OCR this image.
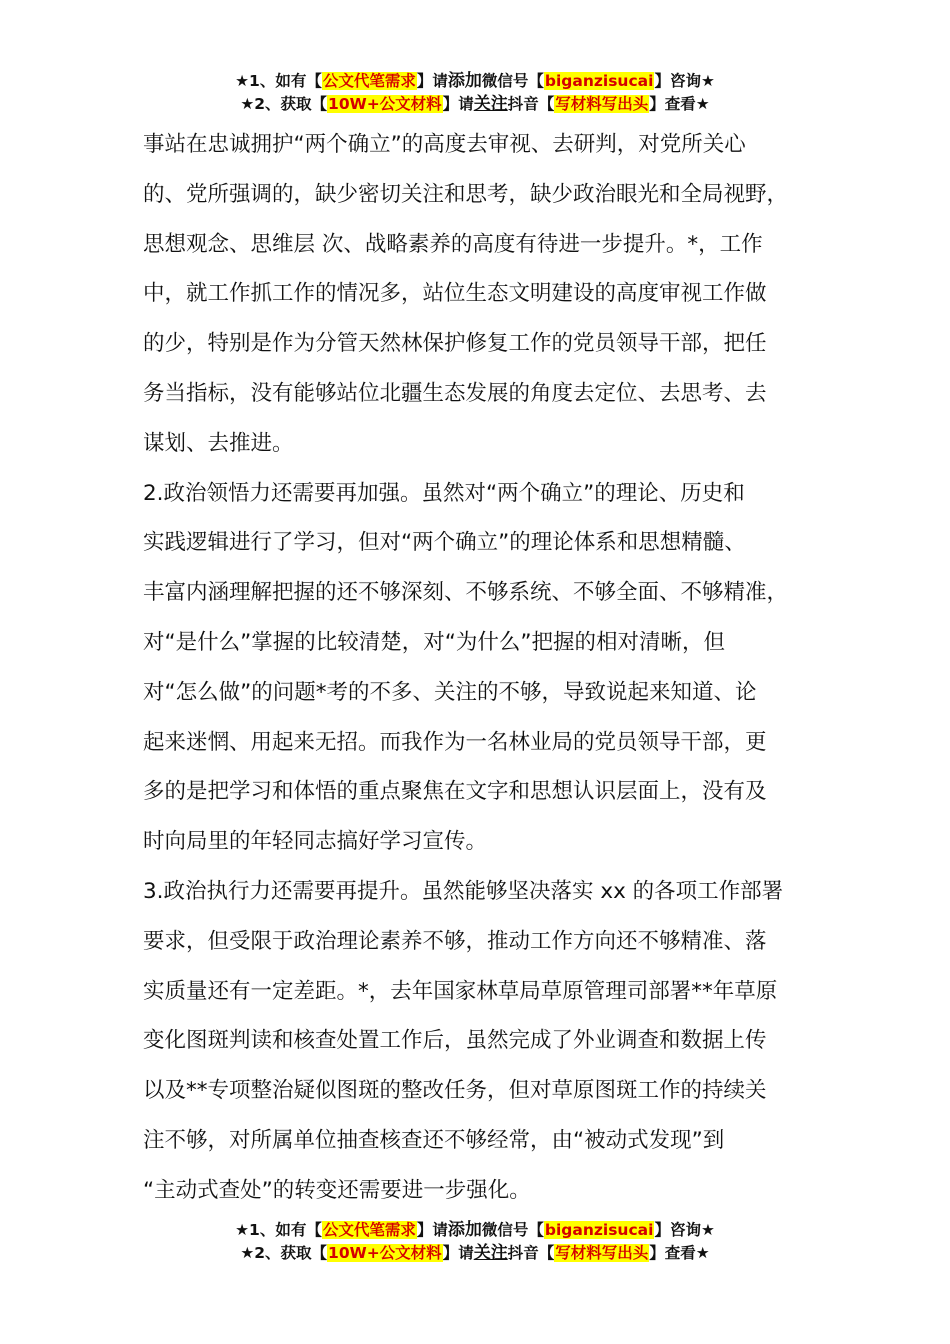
★1、如有【公文代笔需求】请添加微信号【biganzisucai】咨询★
★2、获取【10W+公文材料】请关注抖音【写材料写出头】查看★

事站在忠诚拥护“两个确立”的高度去审视、去研判，对党所关心

的、党所强调的，缺少密切关注和思考，缺少政治眼光和全局视野，

思想观念、思维层 次、战略素养的高度有待进一步提升。*，工作

中，就工作抓工作的情况多，站位生态文明建设的高度审视工作做

的少，特别是作为分管天然林保护修复工作的党员领导干部，把任

务当指标，没有能够站位北疆生态发展的角度去定位、去思考、去

谋划、去推进。

2.政治领悟力还需要再加强。虽然对“两个确立”的理论、历史和

实践逻辑进行了学习，但对“两个确立”的理论体系和思想精髓、

丰富内涵理解把握的还不够深刻、不够系统、不够全面、不够精准，

对“是什么”掌握的比较清楚，对“为什么”把握的相对清晰，但

对“怎么做”的问题*考的不多、关注的不够，导致说起来知道、论

起来迷惘、用起来无招。而我作为一名林业局的党员领导干部，更

多的是把学习和体悟的重点聚焦在文字和思想认识层面上，没有及

时向局里的年轻同志搞好学习宣传。

3.政治执行力还需要再提升。虽然能够坚决落实 xx 的各项工作部署

要求，但受限于政治理论素养不够，推动工作方向还不够精准、落

实质量还有一定差距。*，去年国家林草局草原管理司部署**年草原

变化图斑判读和核查处置工作后，虽然完成了外业调查和数据上传

以及**专项整治疑似图斑的整改任务，但对草原图斑工作的持续关

注不够，对所属单位抽查核查还不够经常，由“被动式发现”到

“主动式查处”的转变还需要进一步强化。

★1、如有【公文代笔需求】请添加微信号【biganzisucai】咨询★
★2、获取【10W+公文材料】请关注抖音【写材料写出头】查看★
